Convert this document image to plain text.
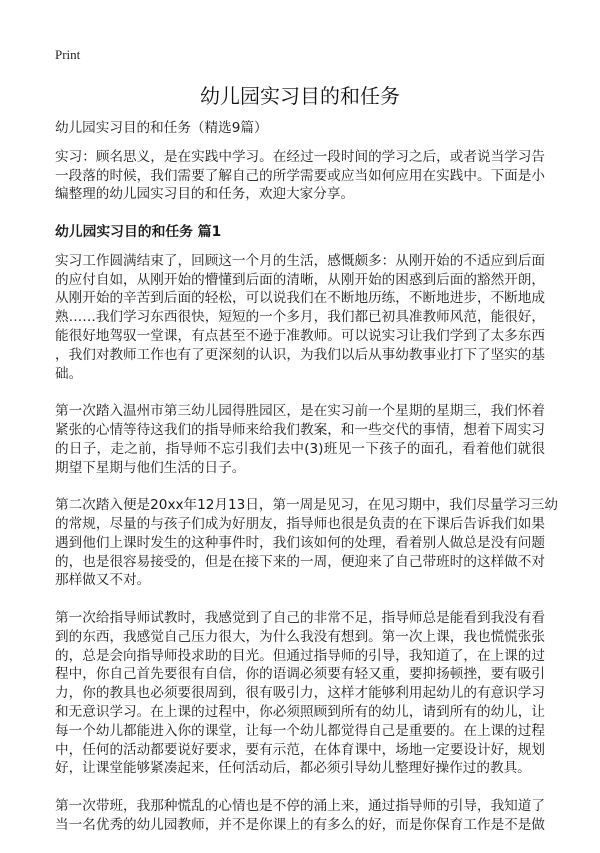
Print
幼儿园实习目的和任务
幼儿园实习目的和任务（精选9篇）
实习：顾名思义，是在实践中学习。在经过一段时间的学习之后，或者说当学习告
一段落的时候，我们需要了解自己的所学需要或应当如何应用在实践中。下面是小
编整理的幼儿园实习目的和任务，欢迎大家分享。
幼儿园实习目的和任务 篇1
实习工作圆满结束了，回顾这一个月的生活，感慨颇多：从刚开始的不适应到后面
的应付自如，从刚开始的懵懂到后面的清晰，从刚开始的困惑到后面的豁然开朗，
从刚开始的辛苦到后面的轻松，可以说我们在不断地历练，不断地进步，不断地成
熟……我们学习东西很快，短短的一个多月，我们都已初具准教师风范，能很好，
能很好地驾驭一堂课，有点甚至不逊于准教师。可以说实习让我们学到了太多东西
，我们对教师工作也有了更深刻的认识，为我们以后从事幼教事业打下了坚实的基
础。
第一次踏入温州市第三幼儿园得胜园区，是在实习前一个星期的星期三，我们怀着
紧张的心情等待这我们的指导师来给我们教案，和一些交代的事情，想着下周实习
的日子，走之前，指导师不忘引我们去中(3)班见一下孩子的面孔，看着他们就很
期望下星期与他们生活的日子。
第二次踏入便是20xx年12月13日，第一周是见习，在见习期中，我们尽量学习三幼
的常规，尽量的与孩子们成为好朋友，指导师也很是负责的在下课后告诉我们如果
遇到他们上课时发生的这种事件时，我们该如何的处理，看着别人做总是没有问题
的，也是很容易接受的，但是在接下来的一周，便迎来了自己带班时的这样做不对
那样做又不对。
第一次给指导师试教时，我感觉到了自己的非常不足，指导师总是能看到我没有看
到的东西，我感觉自己压力很大，为什么我没有想到。第一次上课，我也慌慌张张
的，总是会向指导师投求助的目光。但通过指导师的引导，我知道了，在上课的过
程中，你自己首先要很有自信，你的语调必须要有轻又重，要抑扬顿挫，要有吸引
力，你的教具也必须要很周到，很有吸引力，这样才能够利用起幼儿的有意识学习
和无意识学习。在上课的过程中，你必须照顾到所有的幼儿，请到所有的幼儿，让
每一个幼儿都能进入你的课堂，让每一个幼儿都觉得自己是重要的。在上课的过程
中，任何的活动都要说好要求，要有示范，在体育课中，场地一定要设计好，规划
好，让课堂能够紧凑起来，任何活动后，都必须引导幼儿整理好操作过的教具。
第一次带班，我那种慌乱的心情也是不停的涌上来，通过指导师的引导，我知道了
当一名优秀的幼儿园教师，并不是你课上的有多么的好，而是你保育工作是不是做
